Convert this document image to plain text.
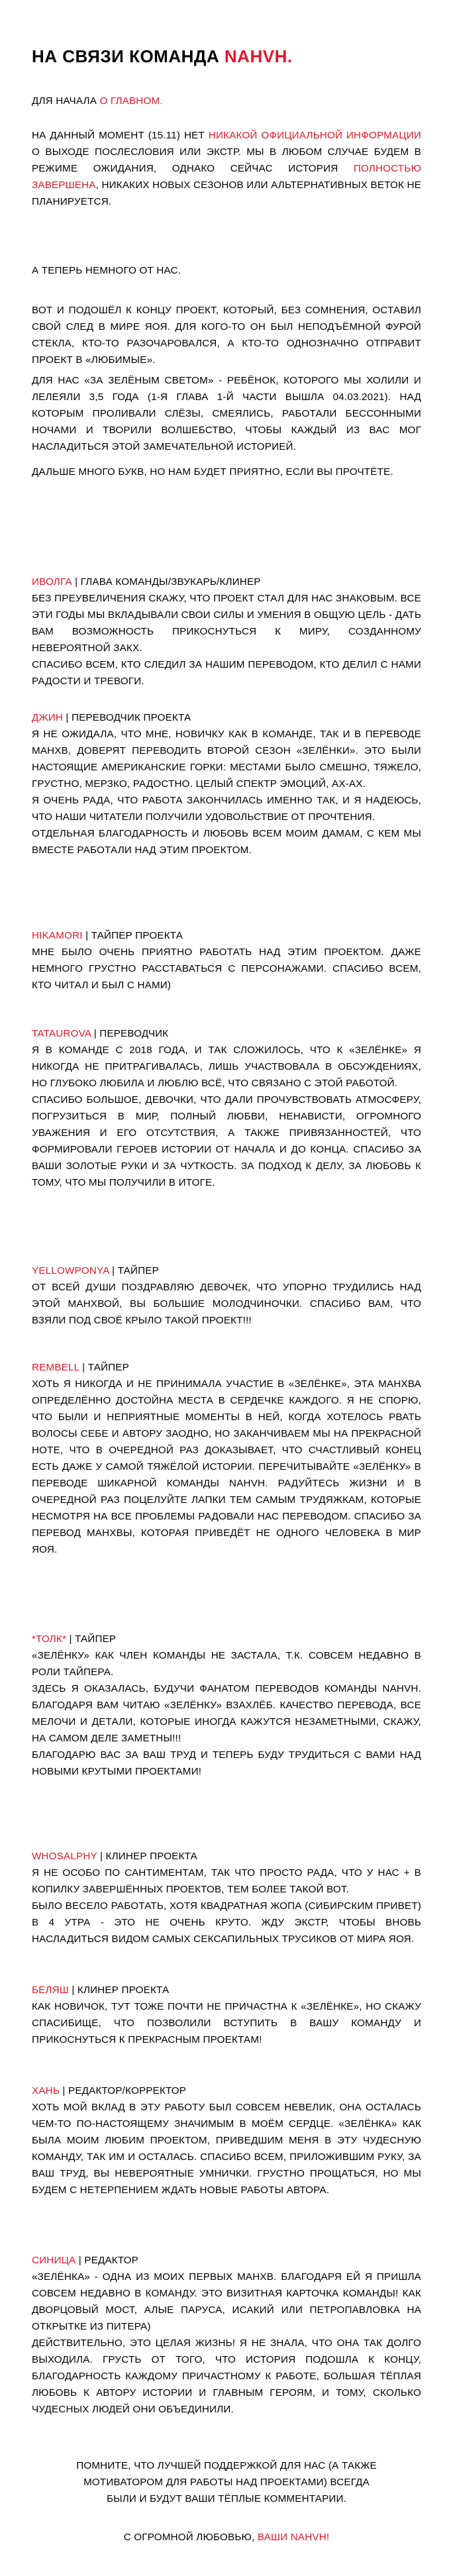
НА СВЯЗИ КОМАНДА NAHVH.

ДЛЯ НАЧАЛА О ГЛАВНОМ.

НА ДАННЫЙ МОМЕНТ (15.11) НЕТ НИКАКОЙ ОФИЦИАЛЬНОЙ ИНФОРМАЦИИ О ВЫХОДЕ ПОСЛЕСЛОВИЯ ИЛИ ЭКСТР. МЫ В ЛЮБОМ СЛУЧАЕ БУДЕМ В РЕЖИМЕ ОЖИДАНИЯ, ОДНАКО СЕЙЧАС ИСТОРИЯ ПОЛНОСТЬЮ ЗАВЕРШЕНА, НИКАКИХ НОВЫХ СЕЗОНОВ ИЛИ АЛЬТЕРНАТИВНЫХ ВЕТОК НЕ ПЛАНИРУЕТСЯ.

А ТЕПЕРЬ НЕМНОГО ОТ НАС.

ВОТ И ПОДОШЁЛ К КОНЦУ ПРОЕКТ, КОТОРЫЙ, БЕЗ СОМНЕНИЯ, ОСТАВИЛ СВОЙ СЛЕД В МИРЕ ЯОЯ. ДЛЯ КОГО-ТО ОН БЫЛ НЕПОДЪЁМНОЙ ФУРОЙ СТЕКЛА, КТО-ТО РАЗОЧАРОВАЛСЯ, А КТО-ТО ОДНОЗНАЧНО ОТПРАВИТ ПРОЕКТ В «ЛЮБИМЫЕ».

ДЛЯ НАС «ЗА ЗЕЛЁНЫМ СВЕТОМ» - РЕБЁНОК, КОТОРОГО МЫ ХОЛИЛИ И ЛЕЛЕЯЛИ 3,5 ГОДА (1-Я ГЛАВА 1-Й ЧАСТИ ВЫШЛА 04.03.2021). НАД КОТОРЫМ ПРОЛИВАЛИ СЛЁЗЫ, СМЕЯЛИСЬ, РАБОТАЛИ БЕССОННЫМИ НОЧАМИ И ТВОРИЛИ ВОЛШЕБСТВО, ЧТОБЫ КАЖДЫЙ ИЗ ВАС МОГ НАСЛАДИТЬСЯ ЭТОЙ ЗАМЕЧАТЕЛЬНОЙ ИСТОРИЕЙ.

ДАЛЬШЕ МНОГО БУКВ, НО НАМ БУДЕТ ПРИЯТНО, ЕСЛИ ВЫ ПРОЧТЁТЕ.

ИВОЛГА | ГЛАВА КОМАНДЫ/ЗВУКАРЬ/КЛИНЕР

БЕЗ ПРЕУВЕЛИЧЕНИЯ СКАЖУ, ЧТО ПРОЕКТ СТАЛ ДЛЯ НАС ЗНАКОВЫМ. ВСЕ ЭТИ ГОДЫ МЫ ВКЛАДЫВАЛИ СВОИ СИЛЫ И УМЕНИЯ В ОБЩУЮ ЦЕЛЬ - ДАТЬ ВАМ ВОЗМОЖНОСТЬ ПРИКОСНУТЬСЯ К МИРУ, СОЗДАННОМУ НЕВЕРОЯТНОЙ ЗАКХ.

СПАСИБО ВСЕМ, КТО СЛЕДИЛ ЗА НАШИМ ПЕРЕВОДОМ, КТО ДЕЛИЛ С НАМИ РАДОСТИ И ТРЕВОГИ.

ДЖИН | ПЕРЕВОДЧИК ПРОЕКТА

Я НЕ ОЖИДАЛА, ЧТО МНЕ, НОВИЧКУ КАК В КОМАНДЕ, ТАК И В ПЕРЕВОДЕ МАНХВ, ДОВЕРЯТ ПЕРЕВОДИТЬ ВТОРОЙ СЕЗОН «ЗЕЛЁНКИ». ЭТО БЫЛИ НАСТОЯЩИЕ АМЕРИКАНСКИЕ ГОРКИ: МЕСТАМИ БЫЛО СМЕШНО, ТЯЖЕЛО, ГРУСТНО, МЕРЗКО, РАДОСТНО. ЦЕЛЫЙ СПЕКТР ЭМОЦИЙ, АХ-АХ.

Я ОЧЕНЬ РАДА, ЧТО РАБОТА ЗАКОНЧИЛАСЬ ИМЕННО ТАК, И Я НАДЕЮСЬ, ЧТО НАШИ ЧИТАТЕЛИ ПОЛУЧИЛИ УДОВОЛЬСТВИЕ ОТ ПРОЧТЕНИЯ.

ОТДЕЛЬНАЯ БЛАГОДАРНОСТЬ И ЛЮБОВЬ ВСЕМ МОИМ ДАМАМ, С КЕМ МЫ ВМЕСТЕ РАБОТАЛИ НАД ЭТИМ ПРОЕКТОМ.

HIKAMORI | ТАЙПЕР ПРОЕКТА

МНЕ БЫЛО ОЧЕНЬ ПРИЯТНО РАБОТАТЬ НАД ЭТИМ ПРОЕКТОМ. ДАЖЕ НЕМНОГО ГРУСТНО РАССТАВАТЬСЯ С ПЕРСОНАЖАМИ. СПАСИБО ВСЕМ, КТО ЧИТАЛ И БЫЛ С НАМИ)

TATAUROVA | ПЕРЕВОДЧИК

Я В КОМАНДЕ С 2018 ГОДА, И ТАК СЛОЖИЛОСЬ, ЧТО К «ЗЕЛЁНКЕ» Я НИКОГДА НЕ ПРИТРАГИВАЛАСЬ, ЛИШЬ УЧАСТВОВАЛА В ОБСУЖДЕНИЯХ, НО ГЛУБОКО ЛЮБИЛА И ЛЮБЛЮ ВСЁ, ЧТО СВЯЗАНО С ЭТОЙ РАБОТОЙ.

СПАСИБО БОЛЬШОЕ, ДЕВОЧКИ, ЧТО ДАЛИ ПРОЧУВСТВОВАТЬ АТМОСФЕРУ, ПОГРУЗИТЬСЯ В МИР, ПОЛНЫЙ ЛЮБВИ, НЕНАВИСТИ, ОГРОМНОГО УВАЖЕНИЯ И ЕГО ОТСУТСТВИЯ, А ТАКЖЕ ПРИВЯЗАННОСТЕЙ, ЧТО ФОРМИРОВАЛИ ГЕРОЕВ ИСТОРИИ ОТ НАЧАЛА И ДО КОНЦА. СПАСИБО ЗА ВАШИ ЗОЛОТЫЕ РУКИ И ЗА ЧУТКОСТЬ. ЗА ПОДХОД К ДЕЛУ, ЗА ЛЮБОВЬ К ТОМУ, ЧТО МЫ ПОЛУЧИЛИ В ИТОГЕ.

YELLOWPONYA | ТАЙПЕР

ОТ ВСЕЙ ДУШИ ПОЗДРАВЛЯЮ ДЕВОЧЕК, ЧТО УПОРНО ТРУДИЛИСЬ НАД ЭТОЙ МАНХВОЙ, ВЫ БОЛЬШИЕ МОЛОДЧИНОЧКИ. СПАСИБО ВАМ, ЧТО ВЗЯЛИ ПОД СВОЁ КРЫЛО ТАКОЙ ПРОЕКТ!!!

REMBELL | ТАЙПЕР

ХОТЬ Я НИКОГДА И НЕ ПРИНИМАЛА УЧАСТИЕ В «ЗЕЛЁНКЕ», ЭТА МАНХВА ОПРЕДЕЛЁННО ДОСТОЙНА МЕСТА В СЕРДЕЧКЕ КАЖДОГО. Я НЕ СПОРЮ, ЧТО БЫЛИ И НЕПРИЯТНЫЕ МОМЕНТЫ В НЕЙ, КОГДА ХОТЕЛОСЬ РВАТЬ ВОЛОСЫ СЕБЕ И АВТОРУ ЗАОДНО, НО ЗАКАНЧИВАЕМ МЫ НА ПРЕКРАСНОЙ НОТЕ, ЧТО В ОЧЕРЕДНОЙ РАЗ ДОКАЗЫВАЕТ, ЧТО СЧАСТЛИВЫЙ КОНЕЦ ЕСТЬ ДАЖЕ У САМОЙ ТЯЖЁЛОЙ ИСТОРИИ. ПЕРЕЧИТЫВАЙТЕ «ЗЕЛЁНКУ» В ПЕРЕВОДЕ ШИКАРНОЙ КОМАНДЫ NAHVH. РАДУЙТЕСЬ ЖИЗНИ И В ОЧЕРЕДНОЙ РАЗ ПОЦЕЛУЙТЕ ЛАПКИ ТЕМ САМЫМ ТРУДЯЖКАМ, КОТОРЫЕ НЕСМОТРЯ НА ВСЕ ПРОБЛЕМЫ РАДОВАЛИ НАС ПЕРЕВОДОМ. СПАСИБО ЗА ПЕРЕВОД МАНХВЫ, КОТОРАЯ ПРИВЕДЁТ НЕ ОДНОГО ЧЕЛОВЕКА В МИР ЯОЯ.

*ТОЛК* | ТАЙПЕР

«ЗЕЛЁНКУ» КАК ЧЛЕН КОМАНДЫ НЕ ЗАСТАЛА, Т.К. СОВСЕМ НЕДАВНО В РОЛИ ТАЙПЕРА.

ЗДЕСЬ Я ОКАЗАЛАСЬ, БУДУЧИ ФАНАТОМ ПЕРЕВОДОВ КОМАНДЫ NAHVH. БЛАГОДАРЯ ВАМ ЧИТАЮ «ЗЕЛЁНКУ» ВЗАХЛЁБ. КАЧЕСТВО ПЕРЕВОДА, ВСЕ МЕЛОЧИ И ДЕТАЛИ, КОТОРЫЕ ИНОГДА КАЖУТСЯ НЕЗАМЕТНЫМИ, СКАЖУ, НА САМОМ ДЕЛЕ ЗАМЕТНЫ!!!

БЛАГОДАРЮ ВАС ЗА ВАШ ТРУД И ТЕПЕРЬ БУДУ ТРУДИТЬСЯ С ВАМИ НАД НОВЫМИ КРУТЫМИ ПРОЕКТАМИ!

WHOSALPHY | КЛИНЕР ПРОЕКТА

Я НЕ ОСОБО ПО САНТИМЕНТАМ, ТАК ЧТО ПРОСТО РАДА, ЧТО У НАС + В КОПИЛКУ ЗАВЕРШЁННЫХ ПРОЕКТОВ, ТЕМ БОЛЕЕ ТАКОЙ ВОТ.

БЫЛО ВЕСЕЛО РАБОТАТЬ, ХОТЯ КВАДРАТНАЯ ЖОПА (СИБИРСКИМ ПРИВЕТ) В 4 УТРА - ЭТО НЕ ОЧЕНЬ КРУТО. ЖДУ ЭКСТР, ЧТОБЫ ВНОВЬ НАСЛАДИТЬСЯ ВИДОМ САМЫХ СЕКСАПИЛЬНЫХ ТРУСИКОВ ОТ МИРА ЯОЯ.

БЕЛЯШ | КЛИНЕР ПРОЕКТА

КАК НОВИЧОК, ТУТ ТОЖЕ ПОЧТИ НЕ ПРИЧАСТНА К «ЗЕЛЁНКЕ», НО СКАЖУ СПАСИБИЩЕ, ЧТО ПОЗВОЛИЛИ ВСТУПИТЬ В ВАШУ КОМАНДУ И ПРИКОСНУТЬСЯ К ПРЕКРАСНЫМ ПРОЕКТАМ!

ХАНЬ | РЕДАКТОР/КОРРЕКТОР

ХОТЬ МОЙ ВКЛАД В ЭТУ РАБОТУ БЫЛ СОВСЕМ НЕВЕЛИК, ОНА ОСТАЛАСЬ ЧЕМ-ТО ПО-НАСТОЯЩЕМУ ЗНАЧИМЫМ В МОЁМ СЕРДЦЕ. «ЗЕЛЁНКА» КАК БЫЛА МОИМ ЛЮБИМ ПРОЕКТОМ, ПРИВЕДШИМ МЕНЯ В ЭТУ ЧУДЕСНУЮ КОМАНДУ, ТАК ИМ И ОСТАЛАСЬ. СПАСИБО ВСЕМ, ПРИЛОЖИВШИМ РУКУ, ЗА ВАШ ТРУД, ВЫ НЕВЕРОЯТНЫЕ УМНИЧКИ. ГРУСТНО ПРОЩАТЬСЯ, НО МЫ БУДЕМ С НЕТЕРПЕНИЕМ ЖДАТЬ НОВЫЕ РАБОТЫ АВТОРА.

СИНИЦА | РЕДАКТОР

«ЗЕЛЁНКА» - ОДНА ИЗ МОИХ ПЕРВЫХ МАНХВ. БЛАГОДАРЯ ЕЙ Я ПРИШЛА СОВСЕМ НЕДАВНО В КОМАНДУ. ЭТО ВИЗИТНАЯ КАРТОЧКА КОМАНДЫ! КАК ДВОРЦОВЫЙ МОСТ, АЛЫЕ ПАРУСА, ИСАКИЙ ИЛИ ПЕТРОПАВЛОВКА НА ОТКРЫТКЕ ИЗ ПИТЕРА)

ДЕЙСТВИТЕЛЬНО, ЭТО ЦЕЛАЯ ЖИЗНЬ! Я НЕ ЗНАЛА, ЧТО ОНА ТАК ДОЛГО ВЫХОДИЛА. ГРУСТЬ ОТ ТОГО, ЧТО ИСТОРИЯ ПОДОШЛА К КОНЦУ, БЛАГОДАРНОСТЬ КАЖДОМУ ПРИЧАСТНОМУ К РАБОТЕ, БОЛЬШАЯ ТЁПЛАЯ ЛЮБОВЬ К АВТОРУ ИСТОРИИ И ГЛАВНЫМ ГЕРОЯМ, И ТОМУ, СКОЛЬКО ЧУДЕСНЫХ ЛЮДЕЙ ОНИ ОБЪЕДИНИЛИ.

ПОМНИТЕ, ЧТО ЛУЧШЕЙ ПОДДЕРЖКОЙ ДЛЯ НАС (А ТАКЖЕ МОТИВАТОРОМ ДЛЯ РАБОТЫ НАД ПРОЕКТАМИ) ВСЕГДА БЫЛИ И БУДУТ ВАШИ ТЁПЛЫЕ КОММЕНТАРИИ.

С ОГРОМНОЙ ЛЮБОВЬЮ, ВАШИ NAHVH!
